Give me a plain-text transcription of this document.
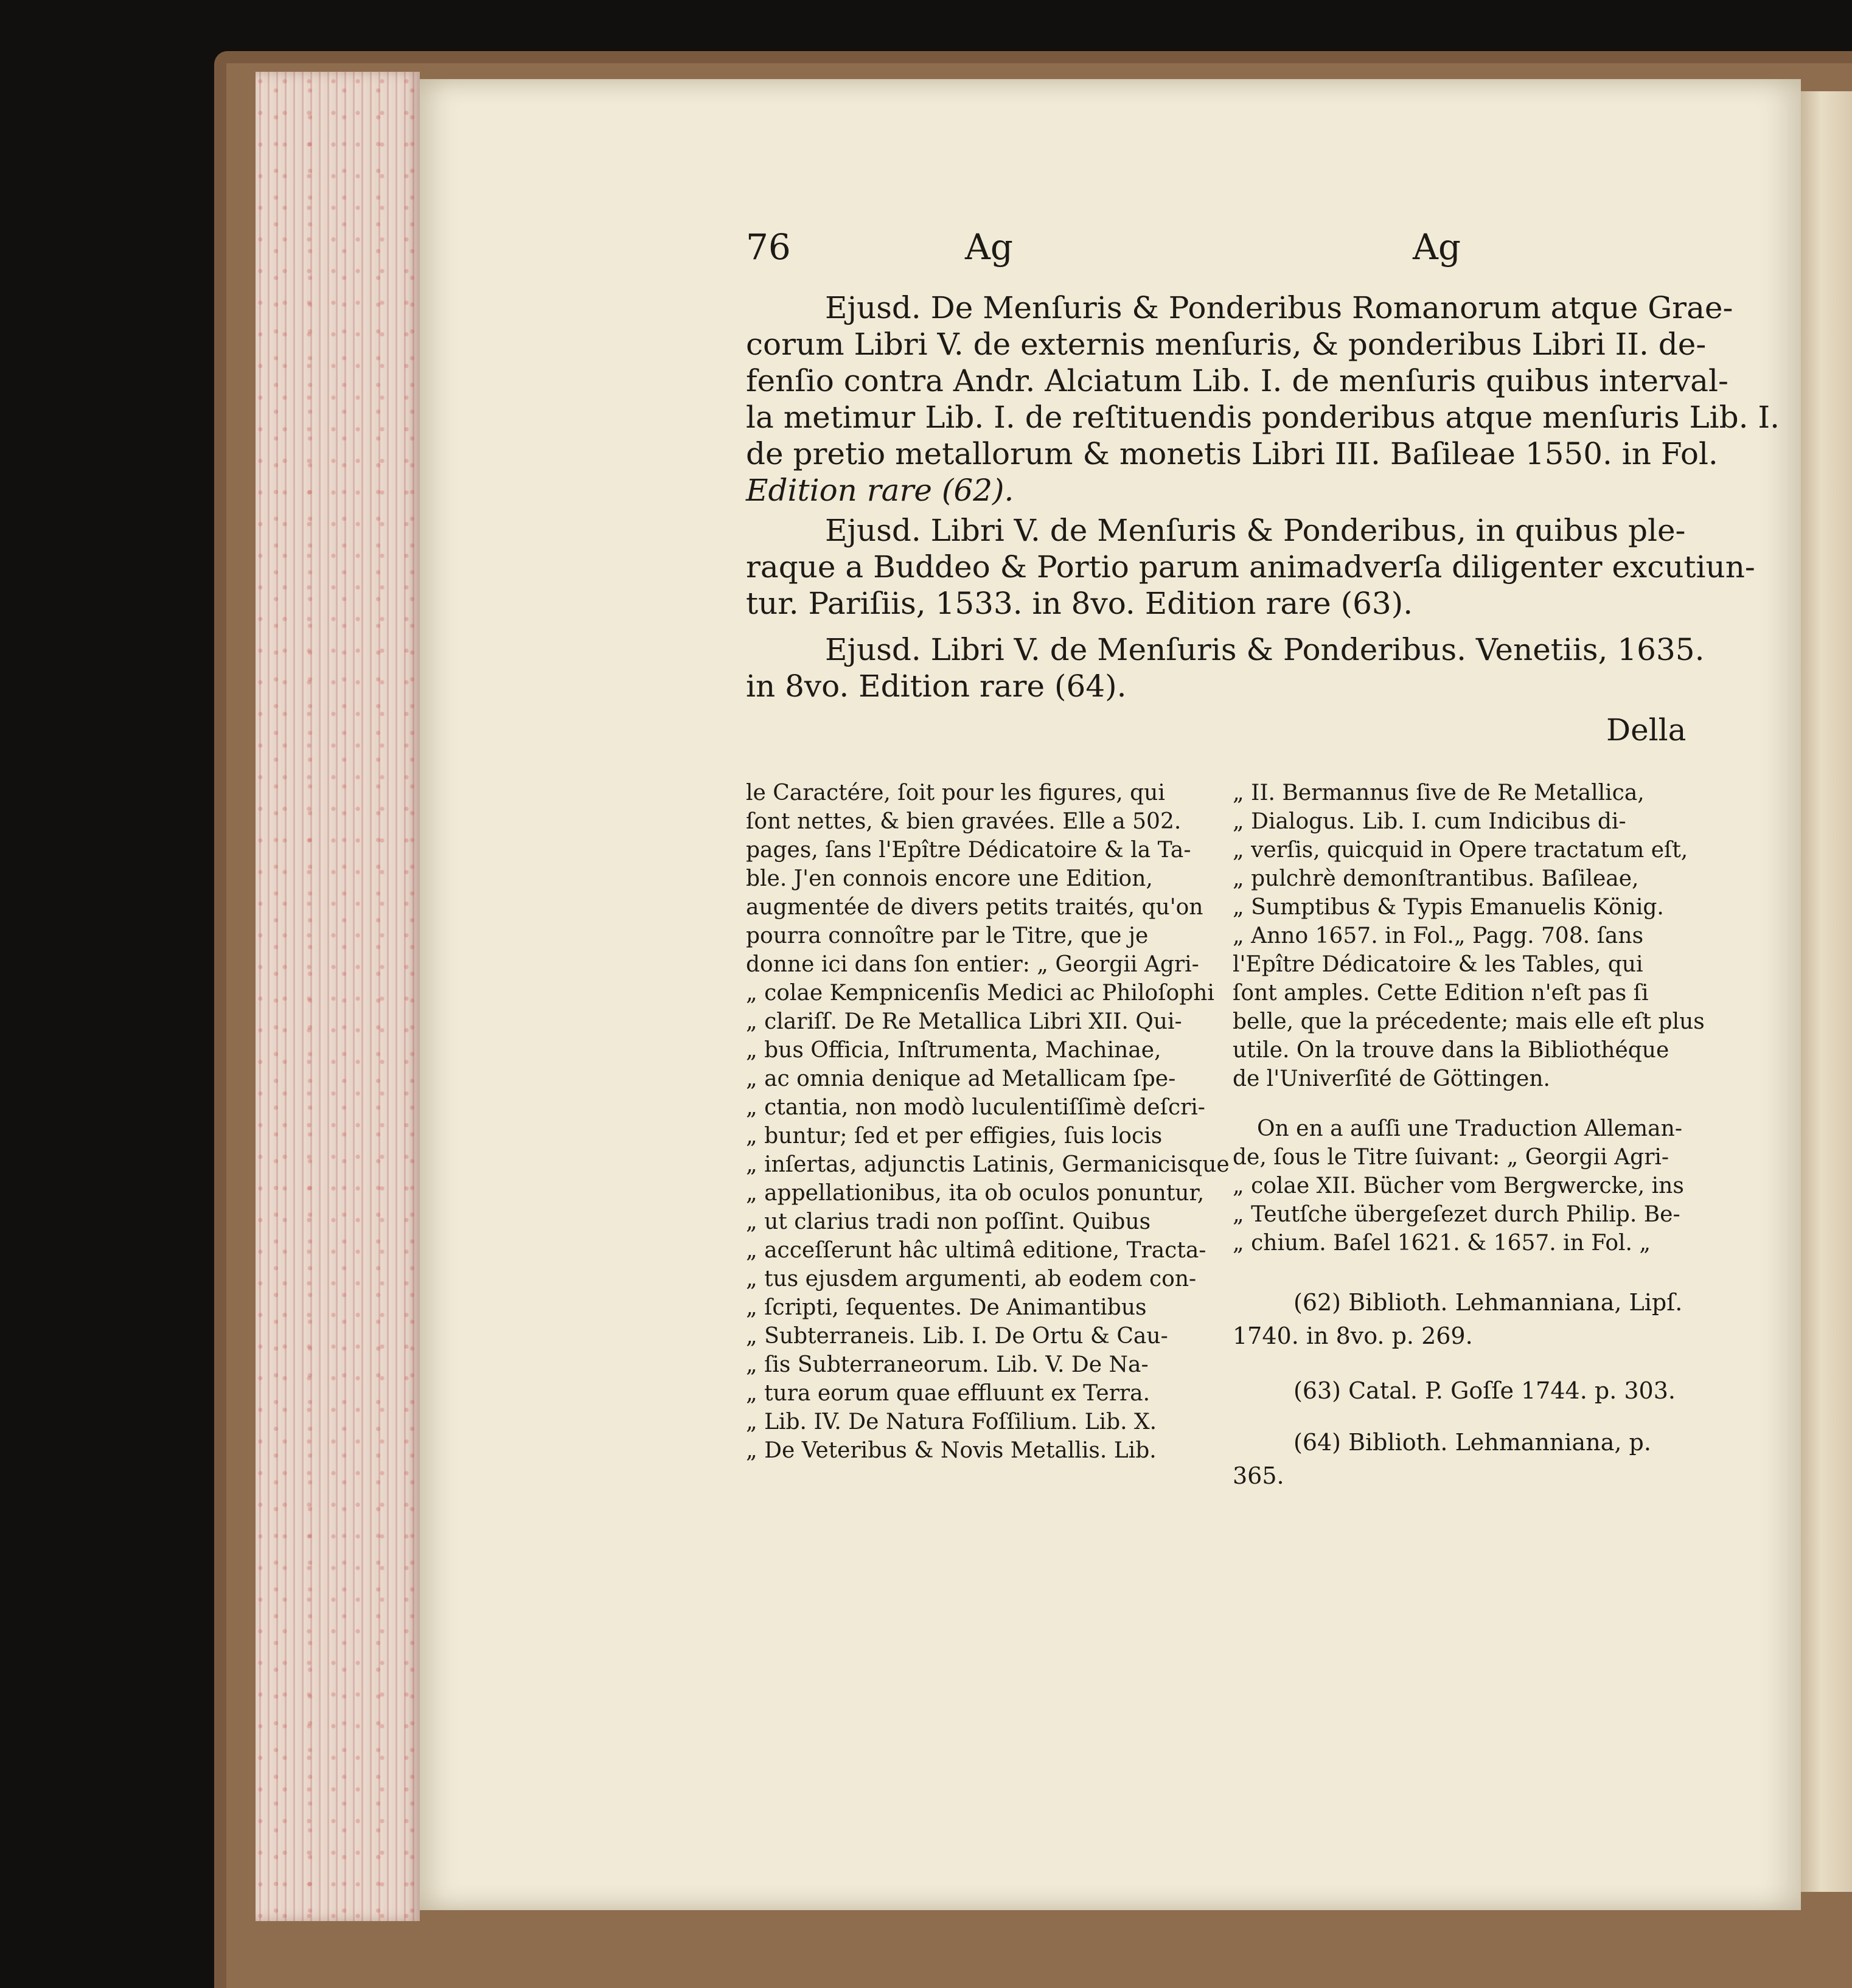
76	Ag	Ag
Ejusd. De Menſuris & Ponderibus Romanorum atque Grae-
corum Libri V. de externis menſuris, & ponderibus Libri II. de-
fenſio contra Andr. Alciatum Lib. I. de menſuris quibus interval-
la metimur Lib. I. de reſtituendis ponderibus atque menſuris Lib. I.
de pretio metallorum & monetis Libri III. Baſileae 1550. in Fol.
Edition rare (62).
Ejusd. Libri V. de Menſuris & Ponderibus, in quibus ple-
raque a Buddeo & Portio parum animadverſa diligenter excutiun-
tur. Pariſiis, 1533. in 8vo. Edition rare (63).
Ejusd. Libri V. de Menſuris & Ponderibus. Venetiis, 1635.
in 8vo. Edition rare (64).
Della
le Caractére, ſoit pour les figures, qui
ſont nettes, & bien gravées. Elle a 502.
pages, ſans l'Epître Dédicatoire & la Ta-
ble. J'en connois encore une Edition,
augmentée de divers petits traités, qu'on
pourra connoître par le Titre, que je
donne ici dans ſon entier: „ Georgii Agri-
„ colae Kempnicenſis Medici ac Philoſophi
„ clariſſ. De Re Metallica Libri XII. Qui-
„ bus Officia, Inſtrumenta, Machinae,
„ ac omnia denique ad Metallicam ſpe-
„ ctantia, non modò luculentiſſimè deſcri-
„ buntur; ſed et per effigies, ſuis locis
„ inſertas, adjunctis Latinis, Germanicisque
„ appellationibus, ita ob oculos ponuntur,
„ ut clarius tradi non poſſint. Quibus
„ acceſſerunt hâc ultimâ editione, Tracta-
„ tus ejusdem argumenti, ab eodem con-
„ ſcripti, ſequentes. De Animantibus
„ Subterraneis. Lib. I. De Ortu & Cau-
„ ſis Subterraneorum. Lib. V. De Na-
„ tura eorum quae effluunt ex Terra.
„ Lib. IV. De Natura Foſſilium. Lib. X.
„ De Veteribus & Novis Metallis. Lib.
„ II. Bermannus ſive de Re Metallica,
„ Dialogus. Lib. I. cum Indicibus di-
„ verſis, quicquid in Opere tractatum eſt,
„ pulchrè demonſtrantibus. Baſileae,
„ Sumptibus & Typis Emanuelis König.
„ Anno 1657. in Fol.„ Pagg. 708. ſans
l'Epître Dédicatoire & les Tables, qui
ſont amples. Cette Edition n'eſt pas ſi
belle, que la précedente; mais elle eſt plus
utile. On la trouve dans la Bibliothéque
de l'Univerſité de Göttingen.
On en a auſſi une Traduction Alleman-
de, ſous le Titre ſuivant: „ Georgii Agri-
„ colae XII. Bücher vom Bergwercke, ins
„ Teutſche übergeſezet durch Philip. Be-
„ chium. Baſel 1621. & 1657. in Fol. „
(62) Biblioth. Lehmanniana, Lipſ.
1740. in 8vo. p. 269.
(63) Catal. P. Goſſe 1744. p. 303.
(64) Biblioth. Lehmanniana, p.
365.
